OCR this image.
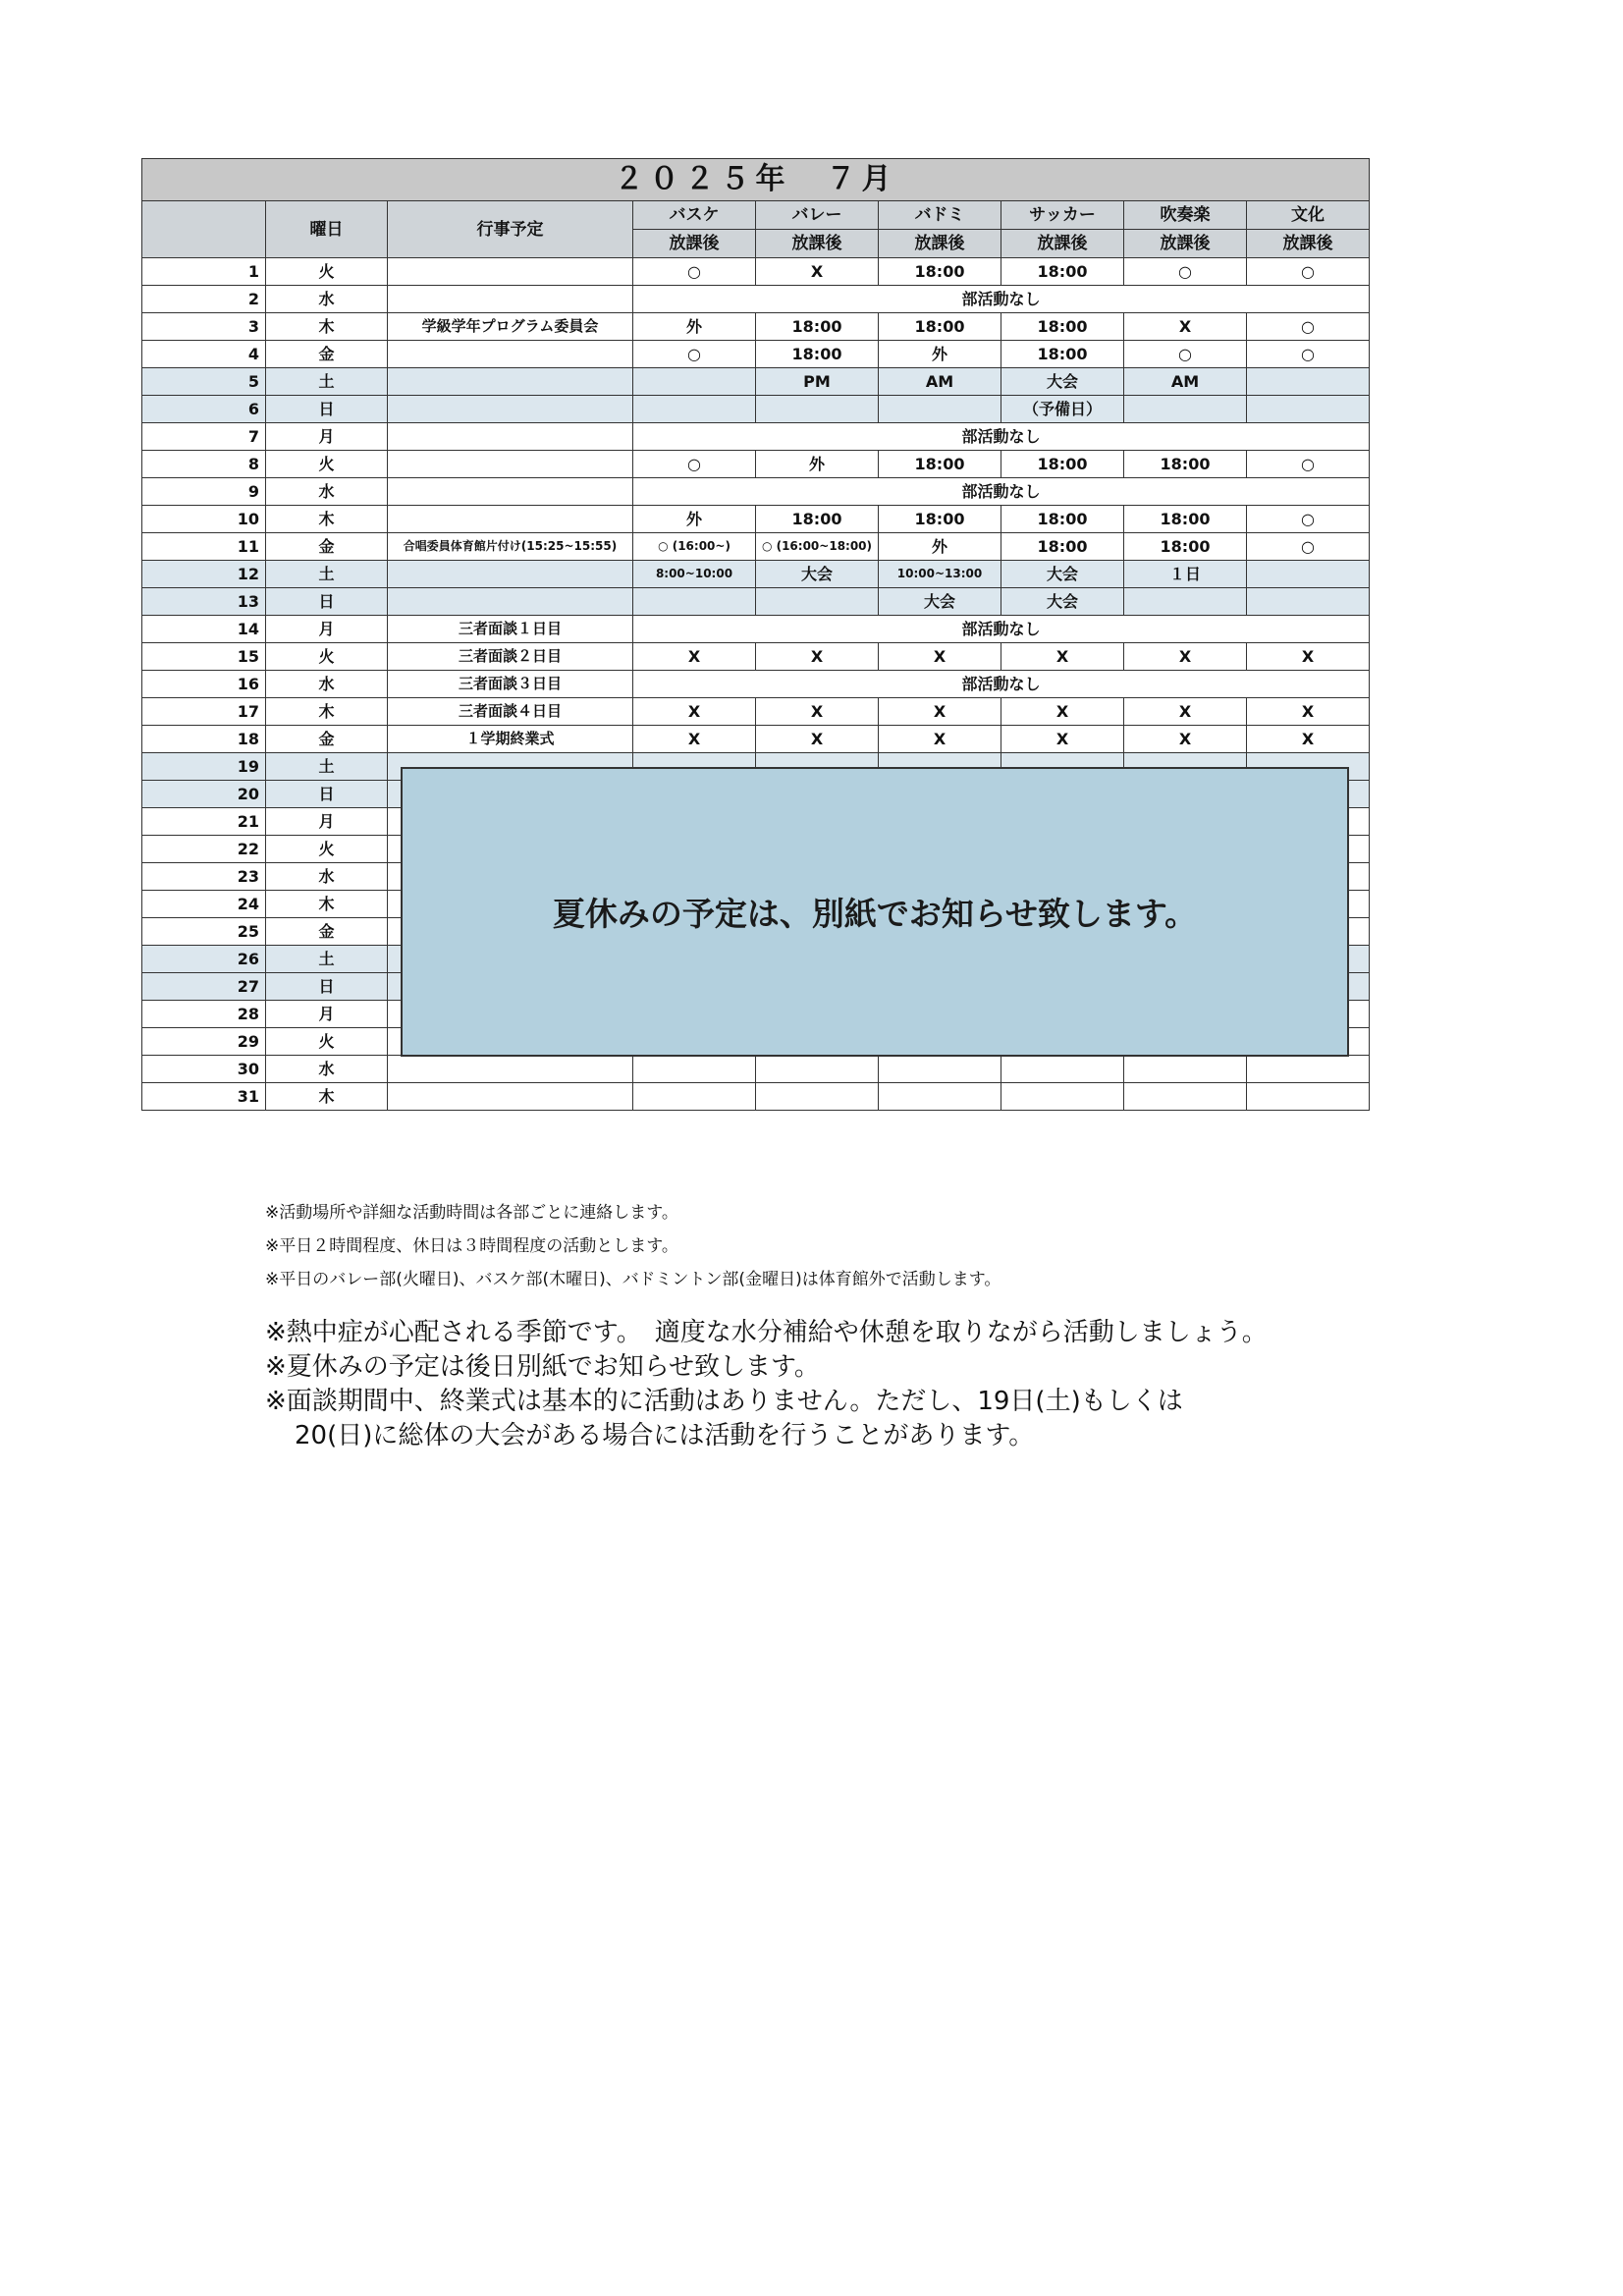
２０２５年　７月								
	曜日	行事予定	バスケ	バレー	バドミ	サッカー	吹奏楽	文化
			放課後	放課後	放課後	放課後	放課後	放課後
1	火		○	X	18:00	18:00	○	○
2	水		部活動なし					
3	木	学級学年プログラム委員会	外	18:00	18:00	18:00	X	○
4	金		○	18:00	外	18:00	○	○
5	土			PM	AM	大会	AM	
6	日					（予備日）		
7	月		部活動なし					
8	火		○	外	18:00	18:00	18:00	○
9	水		部活動なし					
10	木		外	18:00	18:00	18:00	18:00	○
11	金	合唱委員体育館片付け(15:25~15:55)	○ (16:00~)	○ (16:00~18:00)	外	18:00	18:00	○
12	土		8:00~10:00	大会	10:00~13:00	大会	１日	
13	日				大会	大会		
14	月	三者面談１日目	部活動なし					
15	火	三者面談２日目	X	X	X	X	X	X
16	水	三者面談３日目	部活動なし					
17	木	三者面談４日目	X	X	X	X	X	X
18	金	１学期終業式	X	X	X	X	X	X
19	土							
20	日							
21	月							
22	火							
23	水							
24	木							
25	金							
26	土							
27	日							
28	月							
29	火							
30	水							
31	木							
夏休みの予定は、別紙でお知らせ致します。
※活動場所や詳細な活動時間は各部ごとに連絡します。
※平日２時間程度、休日は３時間程度の活動とします。
※平日のバレー部(火曜日)、バスケ部(木曜日)、バドミントン部(金曜日)は体育館外で活動します。
※熱中症が心配される季節です。　適度な水分補給や休憩を取りながら活動しましょう。
※夏休みの予定は後日別紙でお知らせ致します。
※面談期間中、終業式は基本的に活動はありません。ただし、19日(土)もしくは
20(日)に総体の大会がある場合には活動を行うことがあります。
